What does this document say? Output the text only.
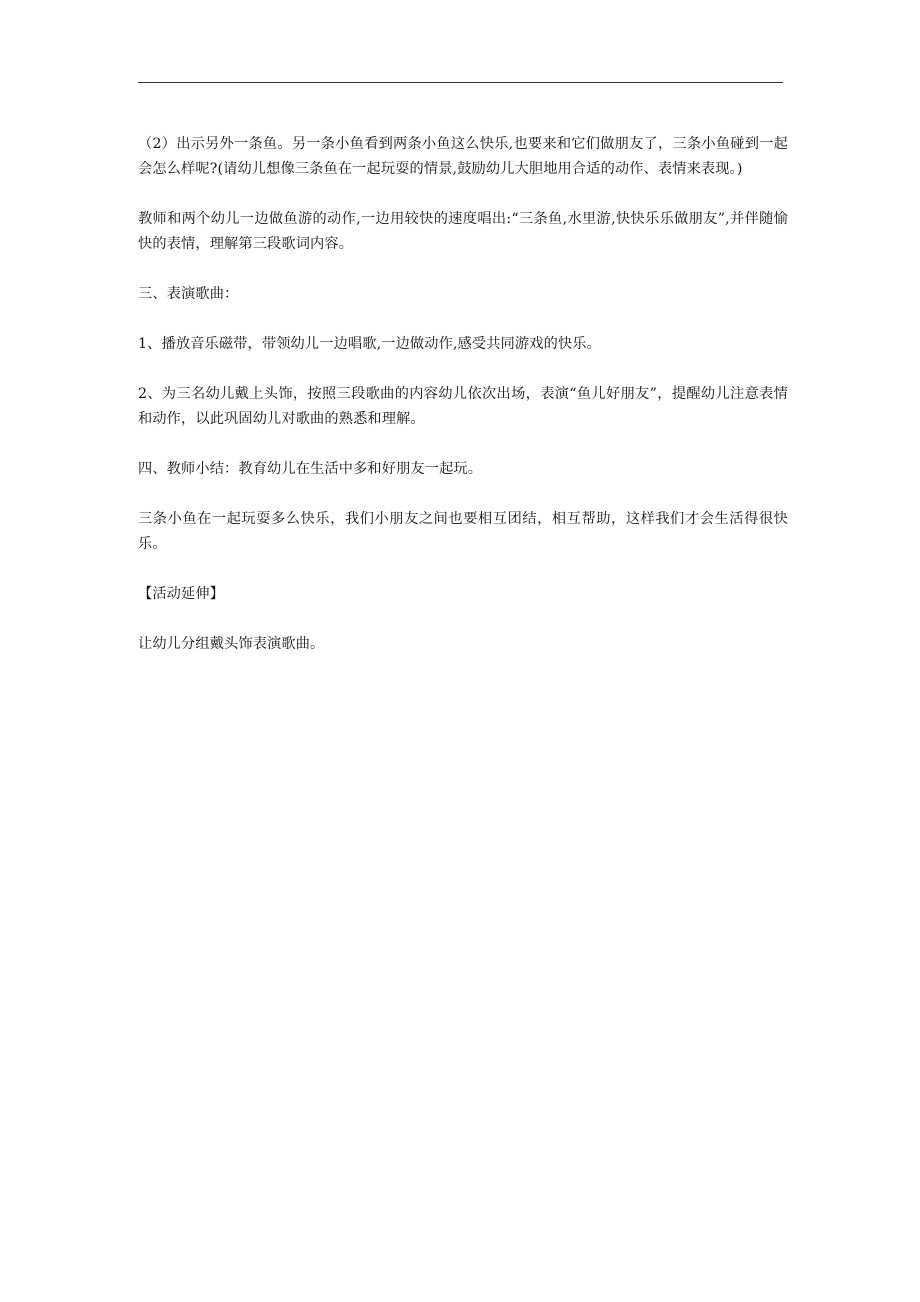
（2）出示另外一条鱼。另一条小鱼看到两条小鱼这么快乐,也要来和它们做朋友了，三条小鱼碰到一起会怎么样呢?(请幼儿想像三条鱼在一起玩耍的情景,鼓励幼儿大胆地用合适的动作、表情来表现。)

教师和两个幼儿一边做鱼游的动作,一边用较快的速度唱出:“三条鱼,水里游,快快乐乐做朋友”,并伴随愉快的表情，理解第三段歌词内容。

三、表演歌曲：

1、播放音乐磁带，带领幼儿一边唱歌,一边做动作,感受共同游戏的快乐。

2、为三名幼儿戴上头饰，按照三段歌曲的内容幼儿依次出场，表演“鱼儿好朋友”，提醒幼儿注意表情和动作，以此巩固幼儿对歌曲的熟悉和理解。

四、教师小结：教育幼儿在生活中多和好朋友一起玩。

三条小鱼在一起玩耍多么快乐，我们小朋友之间也要相互团结，相互帮助，这样我们才会生活得很快乐。

【活动延伸】

让幼儿分组戴头饰表演歌曲。
